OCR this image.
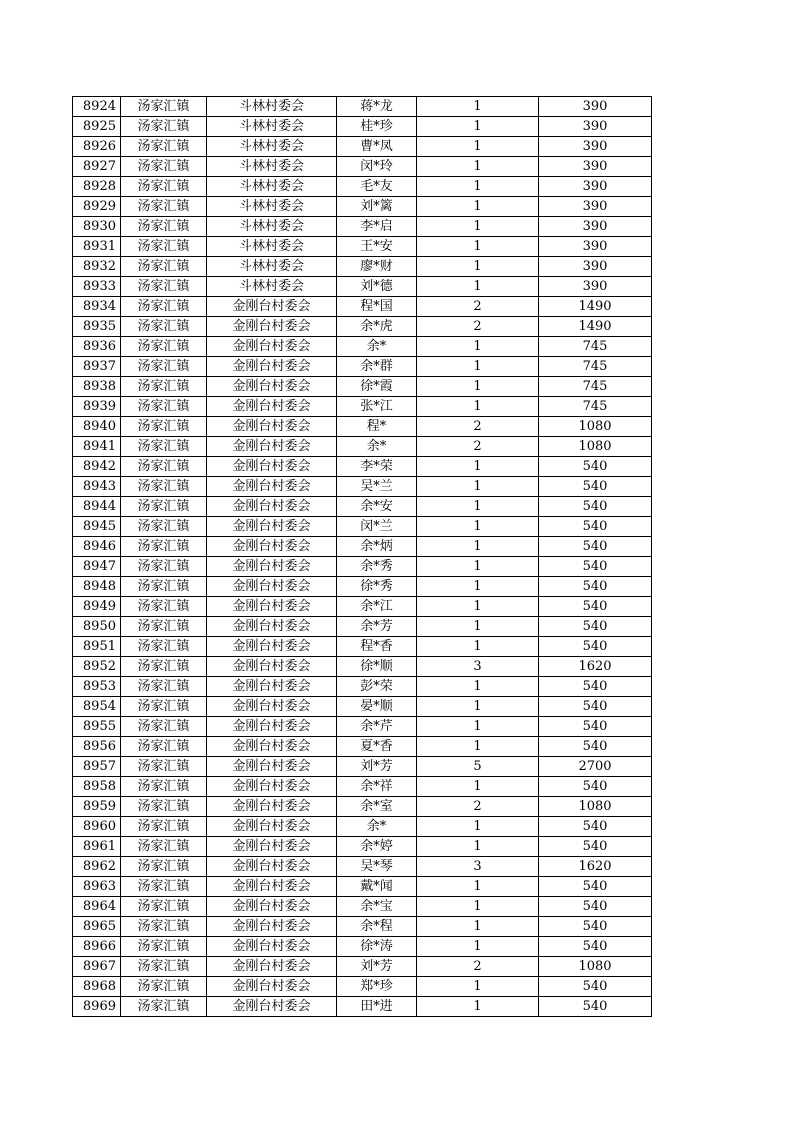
8924	汤家汇镇	斗林村委会	蒋*龙	1	390
8925	汤家汇镇	斗林村委会	桂*珍	1	390
8926	汤家汇镇	斗林村委会	曹*凤	1	390
8927	汤家汇镇	斗林村委会	闵*玲	1	390
8928	汤家汇镇	斗林村委会	毛*友	1	390
8929	汤家汇镇	斗林村委会	刘*篱	1	390
8930	汤家汇镇	斗林村委会	李*启	1	390
8931	汤家汇镇	斗林村委会	王*安	1	390
8932	汤家汇镇	斗林村委会	廖*财	1	390
8933	汤家汇镇	斗林村委会	刘*德	1	390
8934	汤家汇镇	金刚台村委会	程*国	2	1490
8935	汤家汇镇	金刚台村委会	余*虎	2	1490
8936	汤家汇镇	金刚台村委会	余*	1	745
8937	汤家汇镇	金刚台村委会	余*群	1	745
8938	汤家汇镇	金刚台村委会	徐*霞	1	745
8939	汤家汇镇	金刚台村委会	张*江	1	745
8940	汤家汇镇	金刚台村委会	程*	2	1080
8941	汤家汇镇	金刚台村委会	余*	2	1080
8942	汤家汇镇	金刚台村委会	李*荣	1	540
8943	汤家汇镇	金刚台村委会	吴*兰	1	540
8944	汤家汇镇	金刚台村委会	余*安	1	540
8945	汤家汇镇	金刚台村委会	闵*兰	1	540
8946	汤家汇镇	金刚台村委会	余*炳	1	540
8947	汤家汇镇	金刚台村委会	余*秀	1	540
8948	汤家汇镇	金刚台村委会	徐*秀	1	540
8949	汤家汇镇	金刚台村委会	余*江	1	540
8950	汤家汇镇	金刚台村委会	余*芳	1	540
8951	汤家汇镇	金刚台村委会	程*香	1	540
8952	汤家汇镇	金刚台村委会	徐*顺	3	1620
8953	汤家汇镇	金刚台村委会	彭*荣	1	540
8954	汤家汇镇	金刚台村委会	晏*顺	1	540
8955	汤家汇镇	金刚台村委会	余*芹	1	540
8956	汤家汇镇	金刚台村委会	夏*香	1	540
8957	汤家汇镇	金刚台村委会	刘*芳	5	2700
8958	汤家汇镇	金刚台村委会	余*祥	1	540
8959	汤家汇镇	金刚台村委会	余*室	2	1080
8960	汤家汇镇	金刚台村委会	余*	1	540
8961	汤家汇镇	金刚台村委会	余*婷	1	540
8962	汤家汇镇	金刚台村委会	吴*琴	3	1620
8963	汤家汇镇	金刚台村委会	戴*闻	1	540
8964	汤家汇镇	金刚台村委会	余*宝	1	540
8965	汤家汇镇	金刚台村委会	余*程	1	540
8966	汤家汇镇	金刚台村委会	徐*涛	1	540
8967	汤家汇镇	金刚台村委会	刘*芳	2	1080
8968	汤家汇镇	金刚台村委会	郑*珍	1	540
8969	汤家汇镇	金刚台村委会	田*进	1	540
